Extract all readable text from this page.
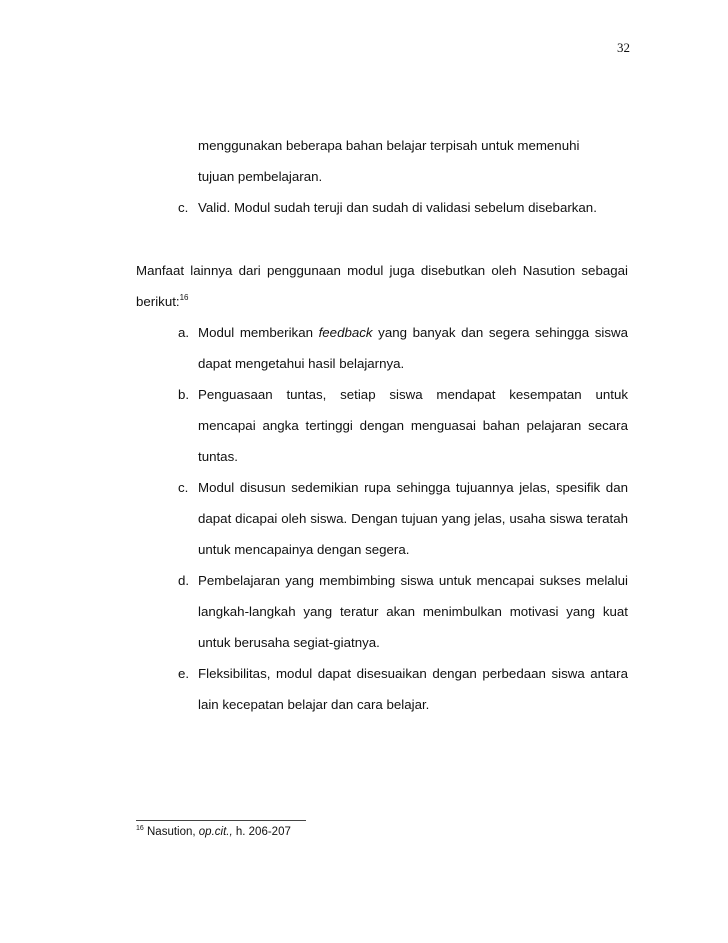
32
menggunakan beberapa bahan belajar terpisah untuk memenuhi
tujuan pembelajaran.
c. Valid. Modul sudah teruji dan sudah di validasi sebelum disebarkan.
Manfaat lainnya dari penggunaan modul juga disebutkan oleh Nasution sebagai berikut:$^{16}$
a. Modul memberikan feedback yang banyak dan segera sehingga siswa dapat mengetahui hasil belajarnya.
b. Penguasaan tuntas, setiap siswa mendapat kesempatan untuk mencapai angka tertinggi dengan menguasai bahan pelajaran secara tuntas.
c. Modul disusun sedemikian rupa sehingga tujuannya jelas, spesifik dan dapat dicapai oleh siswa. Dengan tujuan yang jelas, usaha siswa teratah untuk mencapainya dengan segera.
d. Pembelajaran yang membimbing siswa untuk mencapai sukses melalui langkah-langkah yang teratur akan menimbulkan motivasi yang kuat untuk berusaha segiat-giatnya.
e. Fleksibilitas, modul dapat disesuaikan dengan perbedaan siswa antara lain kecepatan belajar dan cara belajar.
$^{16}$ Nasution, op.cit., h. 206-207
